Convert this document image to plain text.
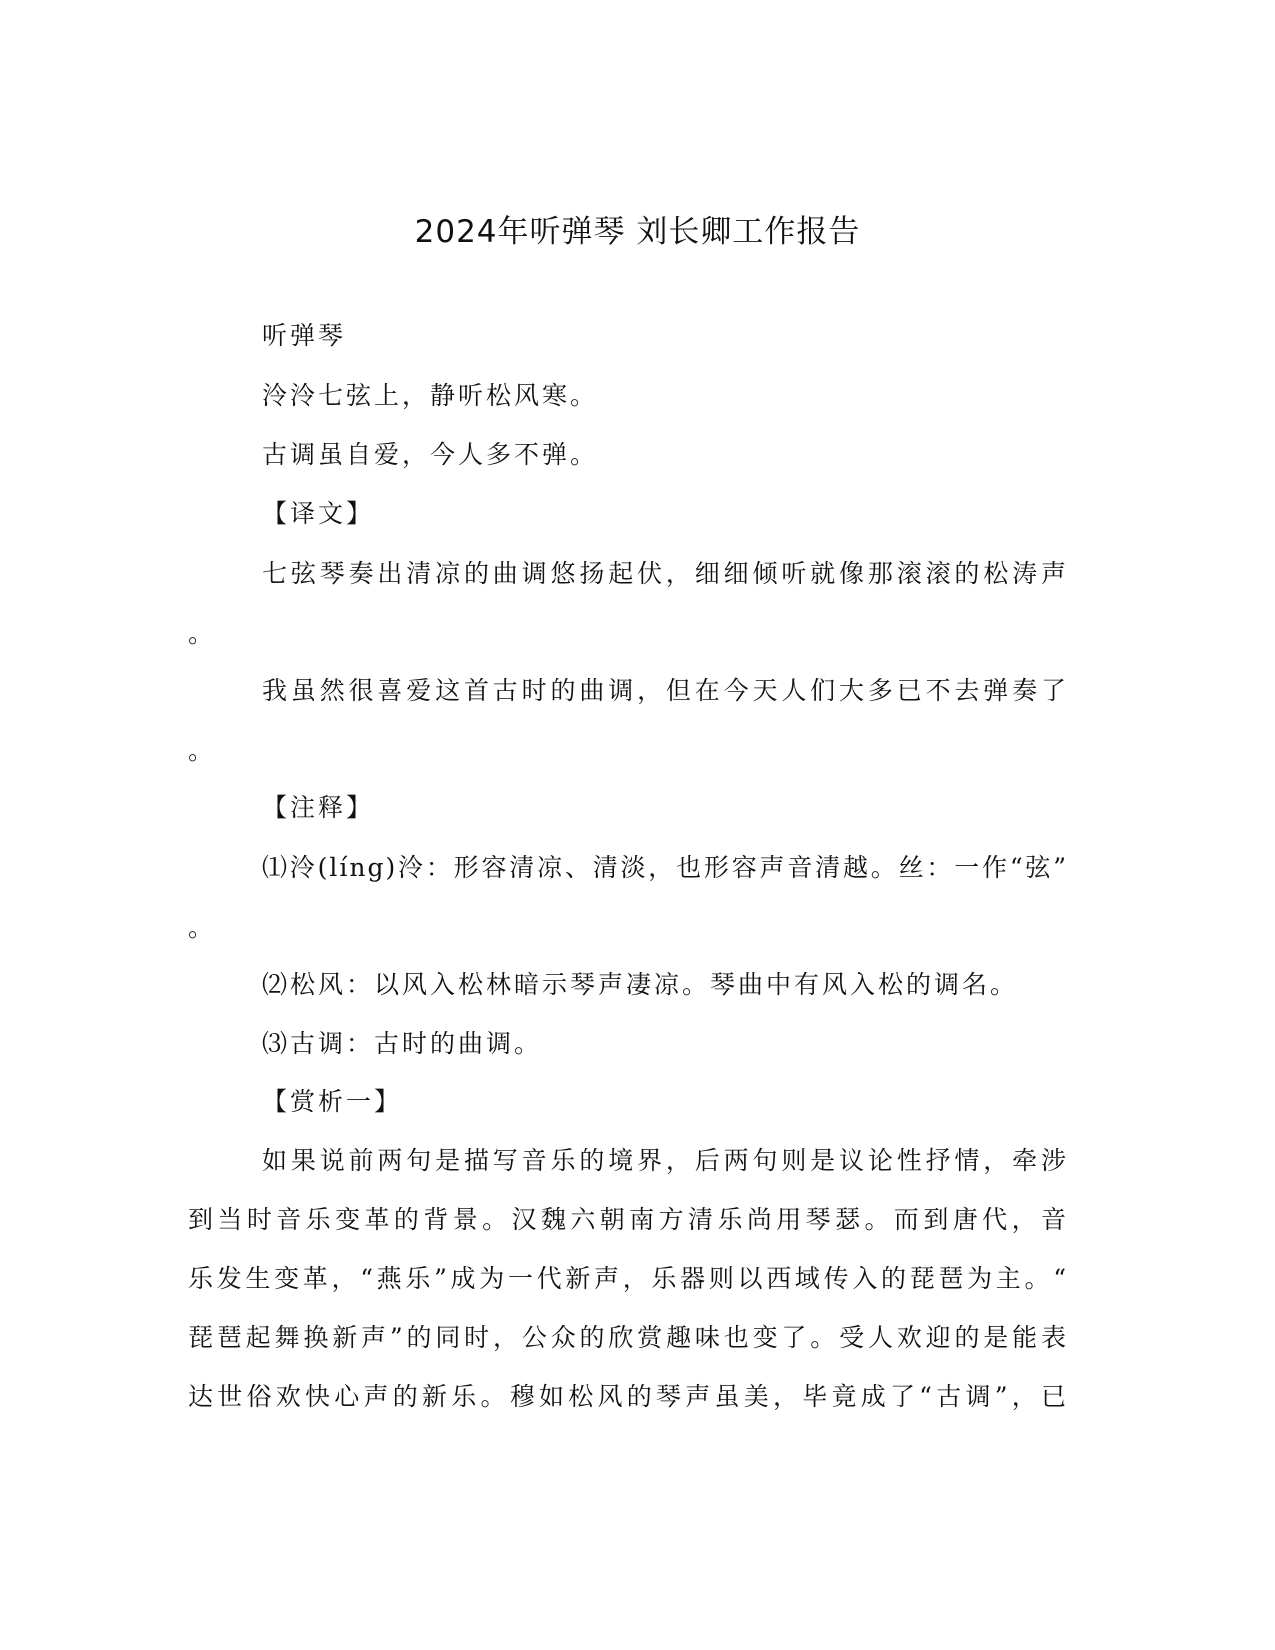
2024年听弹琴 刘长卿工作报告
听弹琴
泠泠七弦上，静听松风寒。
古调虽自爱，今人多不弹。
【译文】
七弦琴奏出清凉的曲调悠扬起伏，细细倾听就像那滚滚的松涛声
。
我虽然很喜爱这首古时的曲调，但在今天人们大多已不去弹奏了
。
【注释】
⑴泠(líng)泠：形容清凉、清淡，也形容声音清越。丝：一作“弦”
。
⑵松风：以风入松林暗示琴声凄凉。琴曲中有风入松的调名。
⑶古调：古时的曲调。
【赏析一】
如果说前两句是描写音乐的境界，后两句则是议论性抒情，牵涉
到当时音乐变革的背景。汉魏六朝南方清乐尚用琴瑟。而到唐代，音
乐发生变革，“燕乐”成为一代新声，乐器则以西域传入的琵琶为主。“
琵琶起舞换新声”的同时，公众的欣赏趣味也变了。受人欢迎的是能表
达世俗欢快心声的新乐。穆如松风的琴声虽美，毕竟成了“古调”，已
